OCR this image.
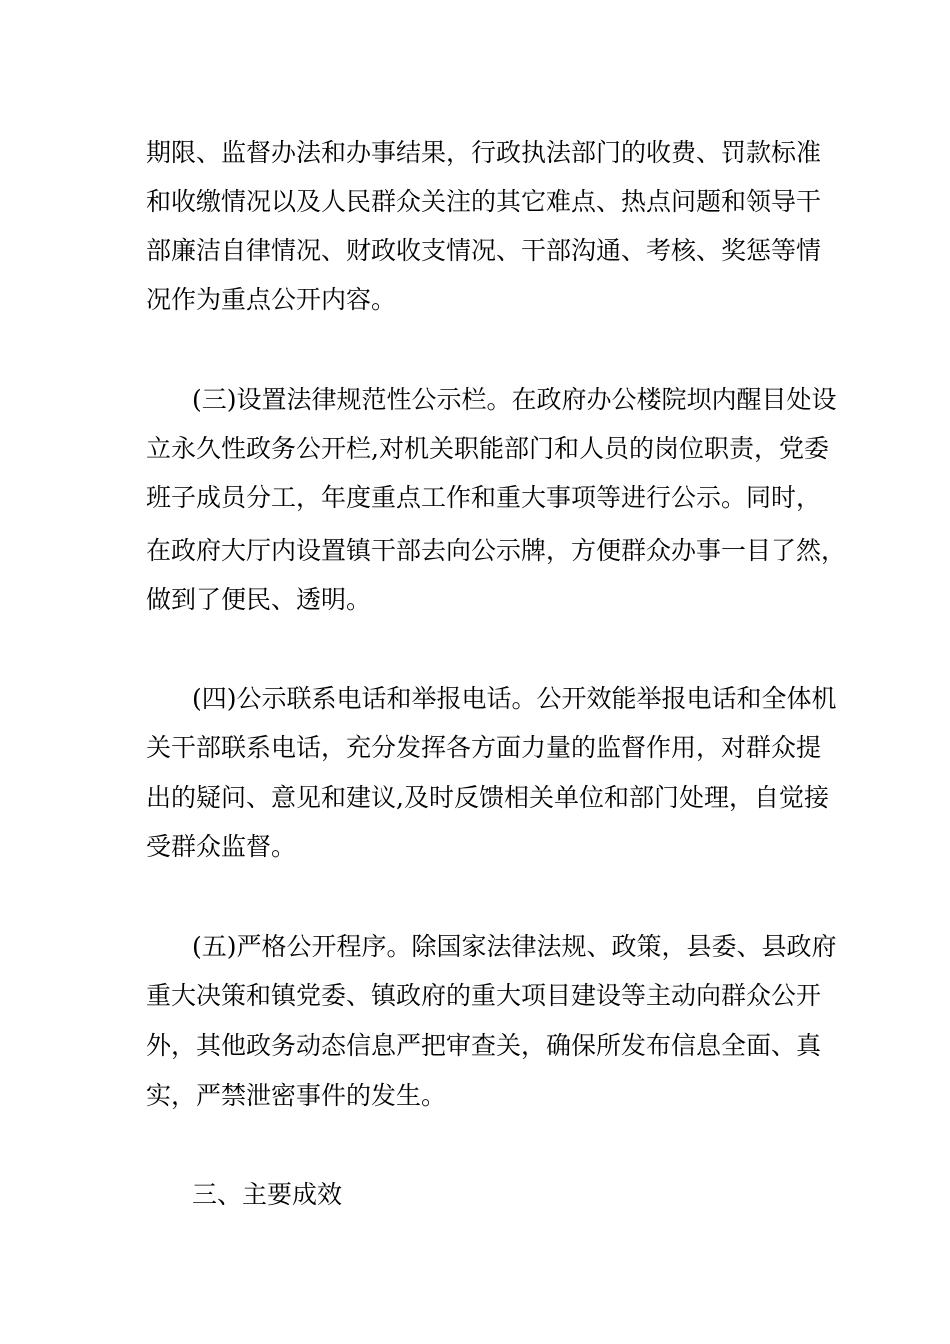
期限、监督办法和办事结果，行政执法部门的收费、罚款标准
和收缴情况以及人民群众关注的其它难点、热点问题和领导干
部廉洁自律情况、财政收支情况、干部沟通、考核、奖惩等情
况作为重点公开内容。
(三)设置法律规范性公示栏。在政府办公楼院坝内醒目处设
立永久性政务公开栏,对机关职能部门和人员的岗位职责，党委
班子成员分工，年度重点工作和重大事项等进行公示。同时，
在政府大厅内设置镇干部去向公示牌，方便群众办事一目了然，
做到了便民、透明。
(四)公示联系电话和举报电话。公开效能举报电话和全体机
关干部联系电话，充分发挥各方面力量的监督作用，对群众提
出的疑问、意见和建议,及时反馈相关单位和部门处理，自觉接
受群众监督。
(五)严格公开程序。除国家法律法规、政策，县委、县政府
重大决策和镇党委、镇政府的重大项目建设等主动向群众公开
外，其他政务动态信息严把审查关，确保所发布信息全面、真
实，严禁泄密事件的发生。
三、主要成效
